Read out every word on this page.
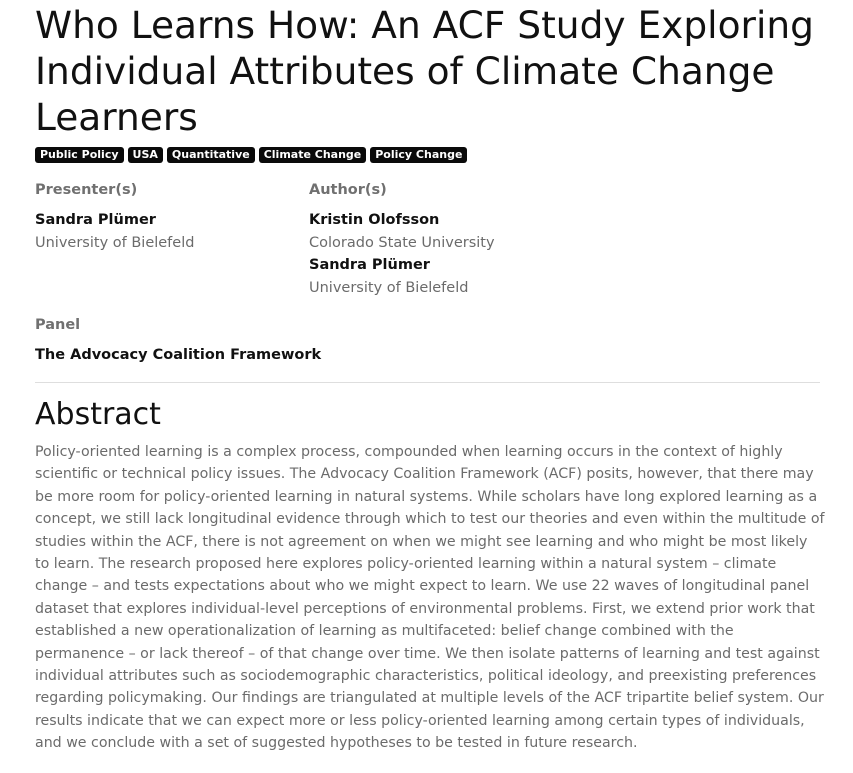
Who Learns How: An ACF Study Exploring Individual Attributes of Climate Change Learners
Public Policy	USA	Quantitative	Climate Change	Policy Change
Presenter(s)
Sandra Plümer
University of Bielefeld
Author(s)
Kristin Olofsson
Colorado State University
Sandra Plümer
University of Bielefeld
Panel
The Advocacy Coalition Framework
Abstract

Policy-oriented learning is a complex process, compounded when learning occurs in the context of highly scientific or technical policy issues. The Advocacy Coalition Framework (ACF) posits, however, that there may be more room for policy-oriented learning in natural systems. While scholars have long explored learning as a concept, we still lack longitudinal evidence through which to test our theories and even within the multitude of studies within the ACF, there is not agreement on when we might see learning and who might be most likely to learn. The research proposed here explores policy-oriented learning within a natural system – climate change – and tests expectations about who we might expect to learn. We use 22 waves of longitudinal panel dataset that explores individual-level perceptions of environmental problems. First, we extend prior work that established a new operationalization of learning as multifaceted: belief change combined with the permanence – or lack thereof – of that change over time. We then isolate patterns of learning and test against individual attributes such as sociodemographic characteristics, political ideology, and preexisting preferences regarding policymaking. Our findings are triangulated at multiple levels of the ACF tripartite belief system. Our results indicate that we can expect more or less policy-oriented learning among certain types of individuals, and we conclude with a set of suggested hypotheses to be tested in future research.
